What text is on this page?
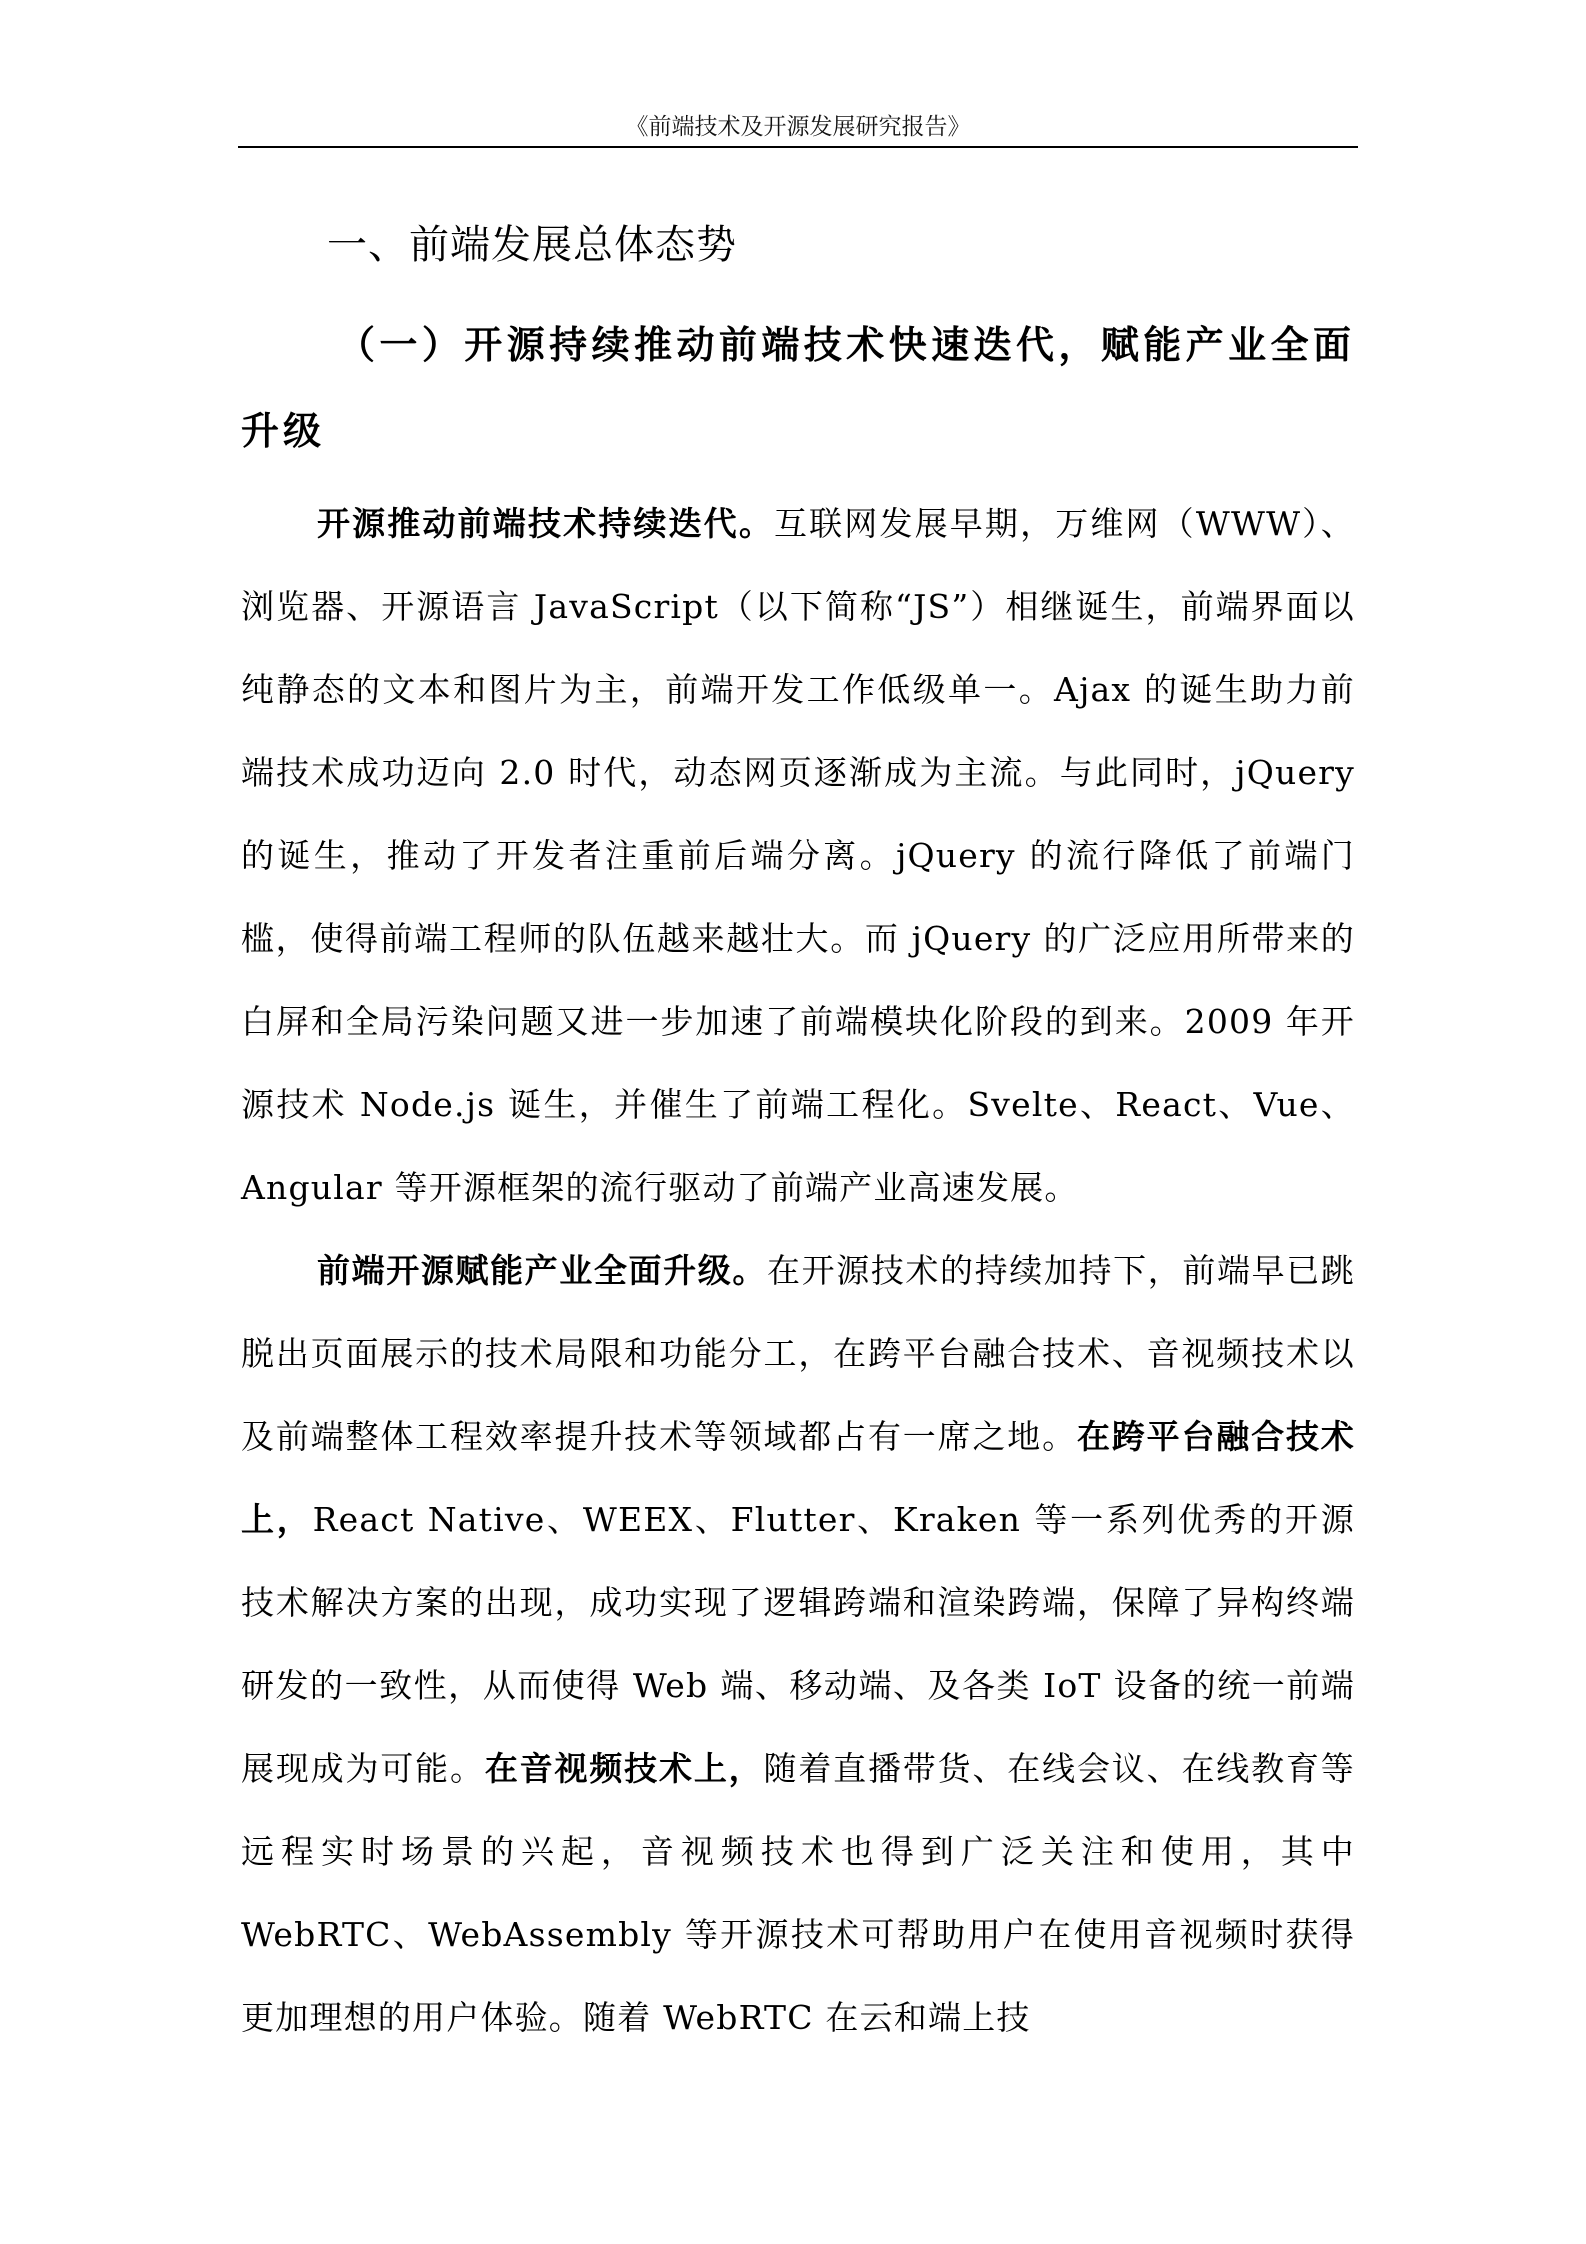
《前端技术及开源发展研究报告》
一、前端发展总体态势
（一）开源持续推动前端技术快速迭代，赋能产业全面升级

开源推动前端技术持续迭代。互联网发展早期，万维网（WWW）、浏览器、开源语言 JavaScript（以下简称“JS”）相继诞生，前端界面以纯静态的文本和图片为主，前端开发工作低级单一。Ajax 的诞生助力前端技术成功迈向 2.0 时代，动态网页逐渐成为主流。与此同时，jQuery 的诞生，推动了开发者注重前后端分离。jQuery 的流行降低了前端门槛，使得前端工程师的队伍越来越壮大。而 jQuery 的广泛应用所带来的白屏和全局污染问题又进一步加速了前端模块化阶段的到来。2009 年开源技术 Node.js 诞生，并催生了前端工程化。Svelte、React、Vue、Angular 等开源框架的流行驱动了前端产业高速发展。

前端开源赋能产业全面升级。在开源技术的持续加持下，前端早已跳脱出页面展示的技术局限和功能分工，在跨平台融合技术、音视频技术以及前端整体工程效率提升技术等领域都占有一席之地。在跨平台融合技术上，React Native、WEEX、Flutter、Kraken 等一系列优秀的开源技术解决方案的出现，成功实现了逻辑跨端和渲染跨端，保障了异构终端研发的一致性，从而使得 Web 端、移动端、及各类 IoT 设备的统一前端展现成为可能。在音视频技术上，随着直播带货、在线会议、在线教育等远程实时场景的兴起，音视频技术也得到广泛关注和使用，其中 WebRTC、WebAssembly 等开源技术可帮助用户在使用音视频时获得更加理想的用户体验。随着 WebRTC 在云和端上技
